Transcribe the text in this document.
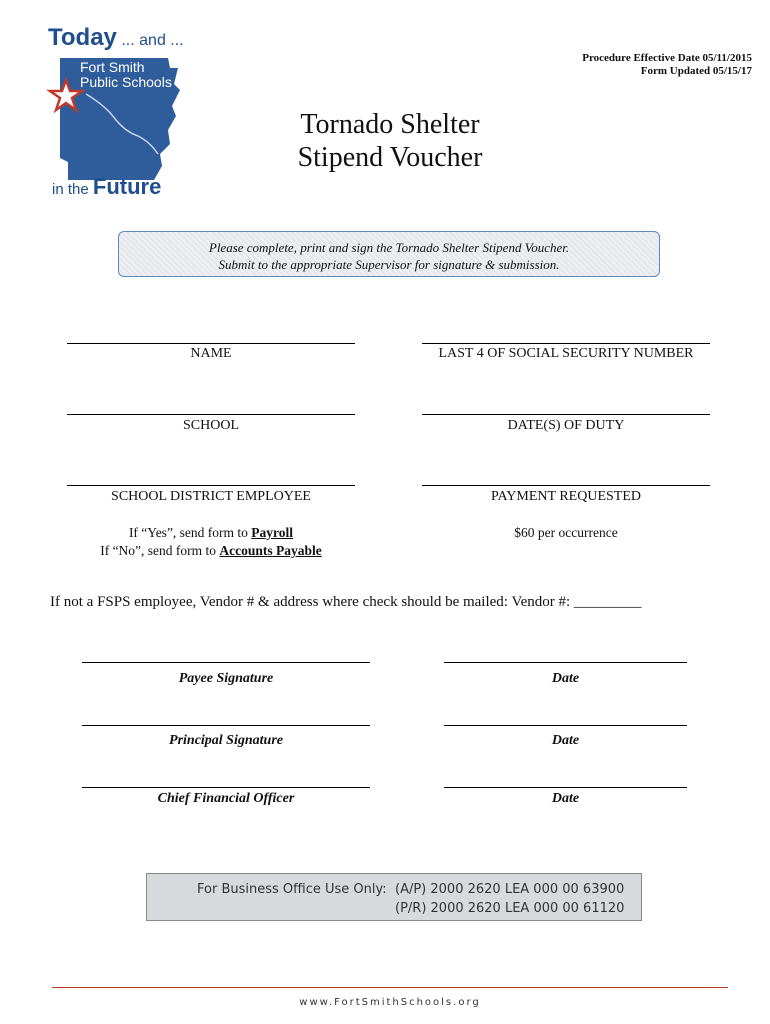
Today ... and ...
Fort Smith
Public Schools
in the Future
Procedure Effective Date 05/11/2015
Form Updated 05/15/17
Tornado Shelter
Stipend Voucher
Please complete, print and sign the Tornado Shelter Stipend Voucher.
Submit to the appropriate Supervisor for signature & submission.
NAME	LAST 4 OF SOCIAL SECURITY NUMBER
SCHOOL	DATE(S) OF DUTY
SCHOOL DISTRICT EMPLOYEE	PAYMENT REQUESTED
If “Yes”, send form to Payroll
If “No”, send form to Accounts Payable
$60 per occurrence
If not a FSPS employee, Vendor # & address where check should be mailed: Vendor #: _________
Payee Signature	Date
Principal Signature	Date
Chief Financial Officer	Date
For Business Office Use Only: (A/P) 2000 2620 LEA 000 00 63900
(P/R) 2000 2620 LEA 000 00 61120
www.FortSmithSchools.org
